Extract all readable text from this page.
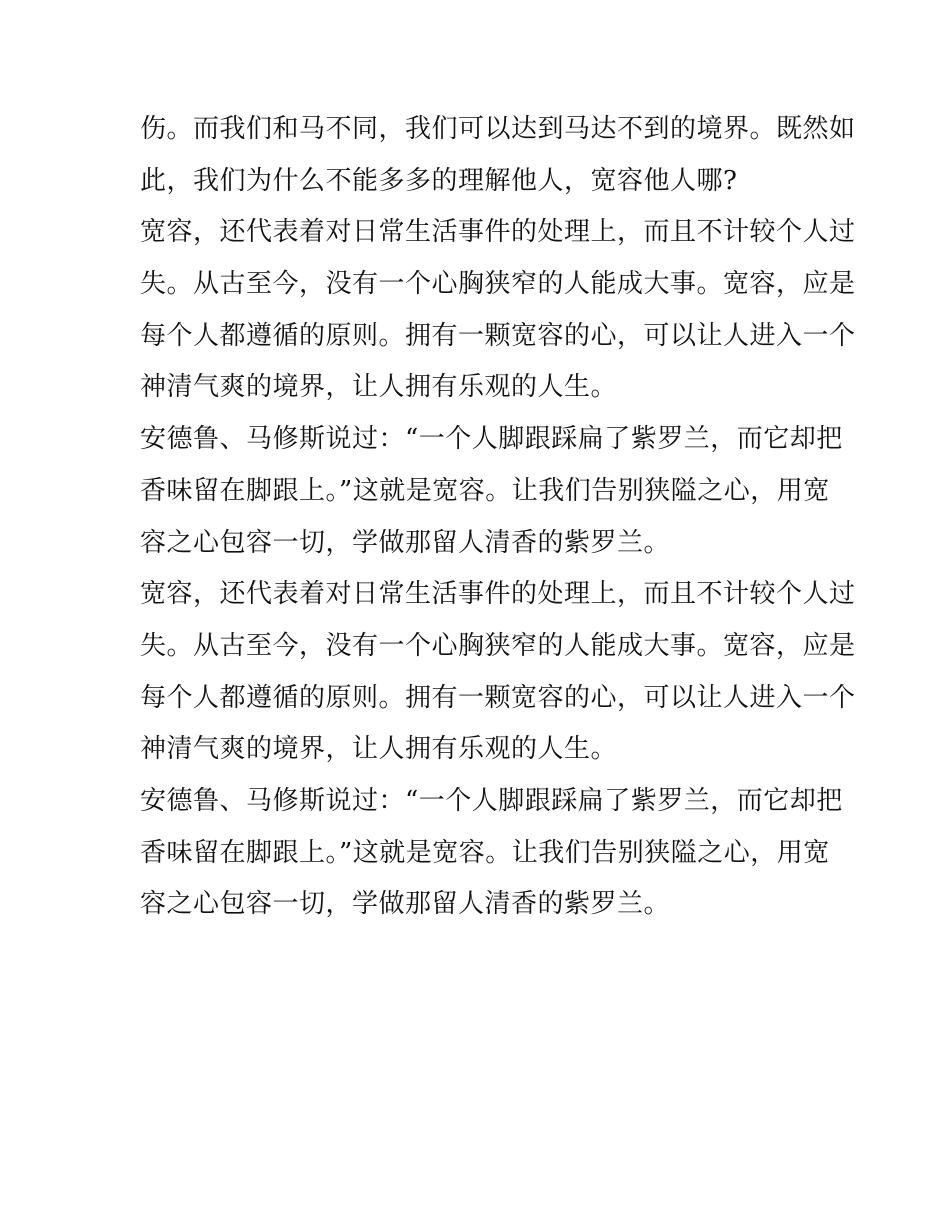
伤。而我们和马不同，我们可以达到马达不到的境界。既然如
此，我们为什么不能多多的理解他人，宽容他人哪?
宽容，还代表着对日常生活事件的处理上，而且不计较个人过
失。从古至今，没有一个心胸狭窄的人能成大事。宽容，应是
每个人都遵循的原则。拥有一颗宽容的心，可以让人进入一个
神清气爽的境界，让人拥有乐观的人生。
安德鲁、马修斯说过：“一个人脚跟踩扁了紫罗兰，而它却把
香味留在脚跟上。”这就是宽容。让我们告别狭隘之心，用宽
容之心包容一切，学做那留人清香的紫罗兰。
宽容，还代表着对日常生活事件的处理上，而且不计较个人过
失。从古至今，没有一个心胸狭窄的人能成大事。宽容，应是
每个人都遵循的原则。拥有一颗宽容的心，可以让人进入一个
神清气爽的境界，让人拥有乐观的人生。
安德鲁、马修斯说过：“一个人脚跟踩扁了紫罗兰，而它却把
香味留在脚跟上。”这就是宽容。让我们告别狭隘之心，用宽
容之心包容一切，学做那留人清香的紫罗兰。
